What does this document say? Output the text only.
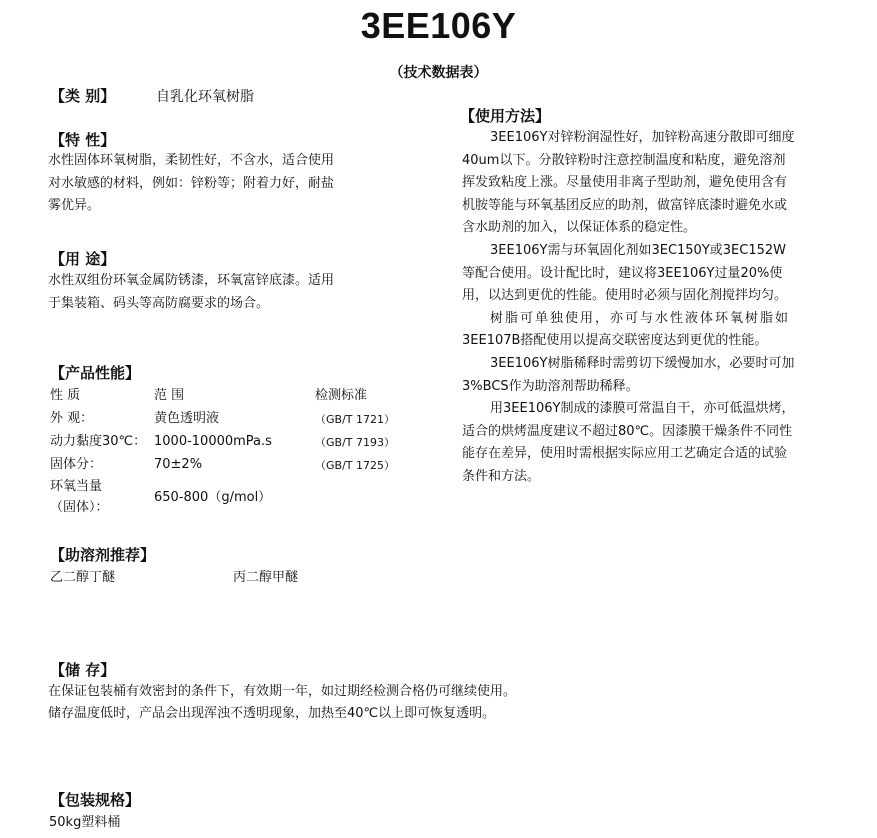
3EE106Y
（技术数据表）
【类 别】	自乳化环氧树脂
【特 性】
水性固体环氧树脂，柔韧性好，不含水，适合使用
对水敏感的材料，例如：锌粉等；附着力好，耐盐
雾优异。
【用 途】
水性双组份环氧金属防锈漆，环氧富锌底漆。适用
于集装箱、码头等高防腐要求的场合。
【产品性能】
性 质	范 围	检测标准
外 观：	黄色透明液	（GB/T 1721）
动力黏度30℃： 1000-10000mPa.s	（GB/T 7193）
固体分：	70±2%	（GB/T 1725）
环氧当量
（固体）：
650-800（g/mol）
【助溶剂推荐】
乙二醇丁醚	丙二醇甲醚
【储 存】
在保证包装桶有效密封的条件下，有效期一年，如过期经检测合格仍可继续使用。
储存温度低时，产品会出现浑浊不透明现象，加热至40℃以上即可恢复透明。
【包装规格】
50kg塑料桶
【使用方法】
3EE106Y对锌粉润湿性好，加锌粉高速分散即可细度
40um以下。分散锌粉时注意控制温度和粘度，避免溶剂
挥发致粘度上涨。尽量使用非离子型助剂，避免使用含有
机胺等能与环氧基团反应的助剂，做富锌底漆时避免水或
含水助剂的加入，以保证体系的稳定性。
3EE106Y需与环氧固化剂如3EC150Y或3EC152W
等配合使用。设计配比时，建议将3EE106Y过量20%使
用，以达到更优的性能。使用时必须与固化剂搅拌均匀。
树脂可单独使用，亦可与水性液体环氧树脂如
3EE107B搭配使用以提高交联密度达到更优的性能。
3EE106Y树脂稀释时需剪切下缓慢加水，必要时可加
3%BCS作为助溶剂帮助稀释。
用3EE106Y制成的漆膜可常温自干，亦可低温烘烤，
适合的烘烤温度建议不超过80℃。因漆膜干燥条件不同性
能存在差异，使用时需根据实际应用工艺确定合适的试验
条件和方法。
